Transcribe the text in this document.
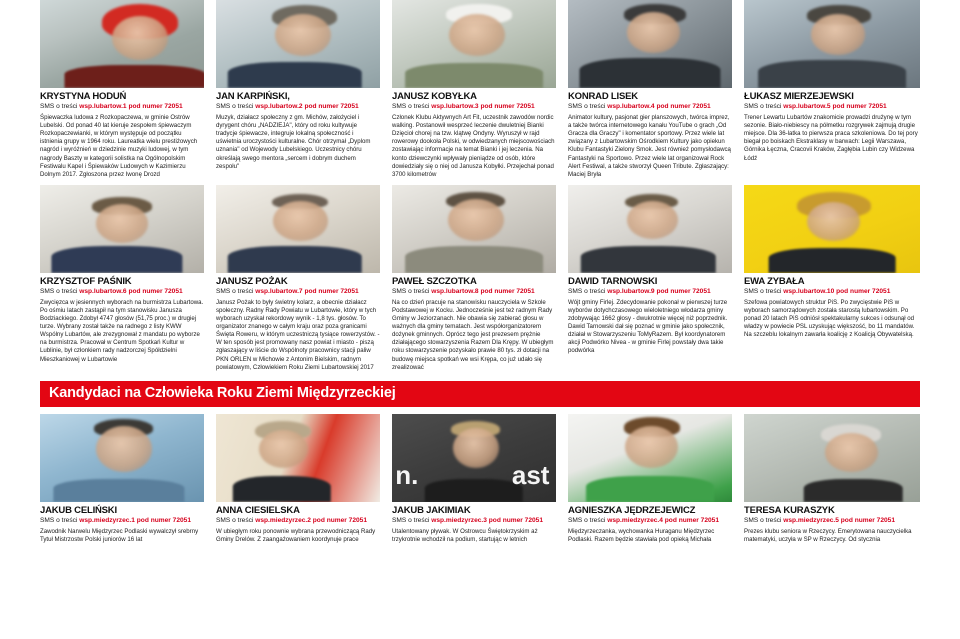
KRYSTYNA HODUŃ
SMS o treści wsp.lubartow.1 pod numer 72051
Śpiewaczka ludowa z Rozkopaczewa, w gminie Ostrów Lubelski. Od ponad 40 lat kieruje zespołem śpiewaczym Rozkopaczewianki, w którym występuje od początku istnienia grupy w 1964 roku. Laureatka wielu prestiżowych nagród i wyróżnień w dziedzinie muzyki ludowej, w tym nagrody Baszty w kategorii solistka na Ogólnopolskim Festiwalu Kapel i Śpiewaków Ludowych w Kazimierzu Dolnym 2017. Zgłoszona przez Iwonę Drozd
JAN KARPIŃSKI,
SMS o treści wsp.lubartow.2 pod numer 72051
Muzyk, działacz społeczny z gm. Michów, założyciel i dyrygent chóru „NADZIEJA", który od roku kultywuje tradycje śpiewacze, integruje lokalną społeczność i uświetnia uroczystości kulturalne. Chór otrzymał „Dyplom uznania" od Wojewody Lubelskiego. Uczestnicy chóru określają swego mentora „sercem i dobrym duchem zespołu"
JANUSZ KOBYŁKA
SMS o treści wsp.lubartow.3 pod numer 72051
Członek Klubu Aktywnych Art Fit, uczestnik zawodów nordic walking. Postanowił wesprzeć leczenie dwuletniej Bianki Dzięcioł chorej na tzw. klątwę Ondyny. Wyruszył w rajd rowerowy dookoła Polski, w odwiedzanych miejscowościach zostawiając informacje na temat Bianki i jej leczenia. Na konto dziewczynki wpływały pieniądze od osób, które dowiedziały się o niej od Janusza Kobyłki. Przejechał ponad 3700 kilometrów
KONRAD LISEK
SMS o treści wsp.lubartow.4 pod numer 72051
Animator kultury, pasjonat gier planszowych, twórca imprez, a także twórca internetowego kanału YouTube o grach „Od Gracza dla Graczy" i komentator sportowy. Przez wiele lat związany z Lubartowskim Ośrodkiem Kultury jako opiekun Klubu Fantastyki Zielony Smok. Jest również pomysłodawcą Fantastyki na Sportowo. Przez wiele lat organizował Rock Alert Festiwal, a także stworzył Queen Tribute. Zgłaszający: Maciej Bryła
ŁUKASZ MIERZEJEWSKI
SMS o treści wsp.lubartow.5 pod numer 72051
Trener Lewartu Lubartów znakomicie prowadzi drużynę w tym sezonie. Biało-niebiescy na półmetku rozgrywek zajmują drugie miejsce. Dla 36-latka to pierwsza praca szkoleniowa. Do tej pory biegał po boiskach Ekstraklasy w barwach: Legii Warszawa, Górnika Łęczna, Cracovii Kraków, Zagłębia Lubin czy Widzewa Łódź
KRZYSZTOF PAŚNIK
SMS o treści wsp.lubartow.6 pod numer 72051
Zwycięzca w jesiennych wyborach na burmistrza Lubartowa. Po ośmiu latach zastąpił na tym stanowisku Janusza Bodziackiego. Zdobył 4747 głosów (51,75 proc.) w drugiej turze. Wybrany został także na radnego z listy KWW Wspólny Lubartów, ale zrezygnował z mandatu po wyborze na burmistrza. Pracował w Centrum Spotkań Kultur w Lublinie, był członkiem rady nadzorczej Spółdzielni Mieszkaniowej w Lubartowie
JANUSZ POŻAK
SMS o treści wsp.lubartow.7 pod numer 72051
Janusz Pożak to były świetny kolarz, a obecnie działacz społeczny. Radny Rady Powiatu w Lubartowie, który w tych wyborach uzyskał rekordowy wynik - 1,8 tys. głosów. To organizator znanego w całym kraju oraz poza granicami Święta Roweru, w którym uczestniczą tysiące rowerzystów. - W ten sposób jest promowany nasz powiat i miasto - piszą zgłaszający w liście do Wspólnoty pracownicy stacji paliw PKN ORLEN w Michowie z Antonim Bielskim, radnym powiatowym, Człowiekiem Roku Ziemi Lubartowskiej 2017
PAWEŁ SZCZOTKA
SMS o treści wsp.lubartow.8 pod numer 72051
Na co dzień pracuje na stanowisku nauczyciela w Szkole Podstawowej w Kocku. Jednocześnie jest też radnym Rady Gminy w Jeziorzanach. Nie obawia się zabierać głosu w ważnych dla gminy tematach. Jest współorganizatorem dożynek gminnych. Oprócz tego jest prezesem prężnie działającego stowarzyszenia Razem Dla Krępy. W ubiegłym roku stowarzyszenie pozyskało prawie 80 tys. zł dotacji na budowę miejsca spotkań we wsi Krępa, co już udało się zrealizować
DAWID TARNOWSKI
SMS o treści wsp.lubartow.9 pod numer 72051
Wójt gminy Firlej. Zdecydowanie pokonał w pierwszej turze wyborów dotychczasowego wieloletniego włodarza gminy zdobywając 1662 głosy - dwukrotnie więcej niż poprzednik. Dawid Tarnowski dał się poznać w gminie jako społecznik, działał w Stowarzyszeniu ToMyRazem. Był koordynatorem akcji Podwórko Nivea - w gminie Firlej powstały dwa takie podwórka
EWA ZYBAŁA
SMS o treści wsp.lubartow.10 pod numer 72051
Szefowa powiatowych struktur PiS. Po zwycięstwie PiS w wyborach samorządowych została starostą lubartowskim. Po ponad 20 latach PiS odniósł spektakularny sukces i odsunął od władzy w powiecie PSL uzyskując większość, bo 11 mandatów. Na szczeblu lokalnym zawarła koalicję z Koalicją Obywatelską.
Kandydaci na Człowieka Roku Ziemi Międzyrzeckiej
JAKUB CELIŃSKI
SMS o treści wsp.miedzyrzec.1 pod numer 72051
Zawodnik Narwelu Międzyrzec Podlaski wywalczył srebrny Tytuł Mistrzostw Polski juniorów 16 lat
ANNA CIESIELSKA
SMS o treści wsp.miedzyrzec.2 pod numer 72051
W ubiegłym roku ponownie wybrana przewodniczącą Rady Gminy Drelów. Z zaangażowaniem koordynuje prace
n.	ast
JAKUB JAKIMIAK
SMS o treści wsp.miedzyrzec.3 pod numer 72051
Utalentowany pływak. W Ostrowcu Świętokrzyskim aż trzykrotnie wchodził na podium, startując w letnich
AGNIESZKA JĘDRZEJEWICZ
SMS o treści wsp.miedzyrzec.4 pod numer 72051
Międzyrzeczanka, wychowanka Huraganu Międzyrzec Podlaski. Razem będzie stawiała pod opieką Michała
TERESA KURASZYK
SMS o treści wsp.miedzyrzec.5 pod numer 72051
Prezes klubu seniora w Rzeczycy. Emerytowana nauczycielka matematyki, uczyła w SP w Rzeczycy. Od stycznia
